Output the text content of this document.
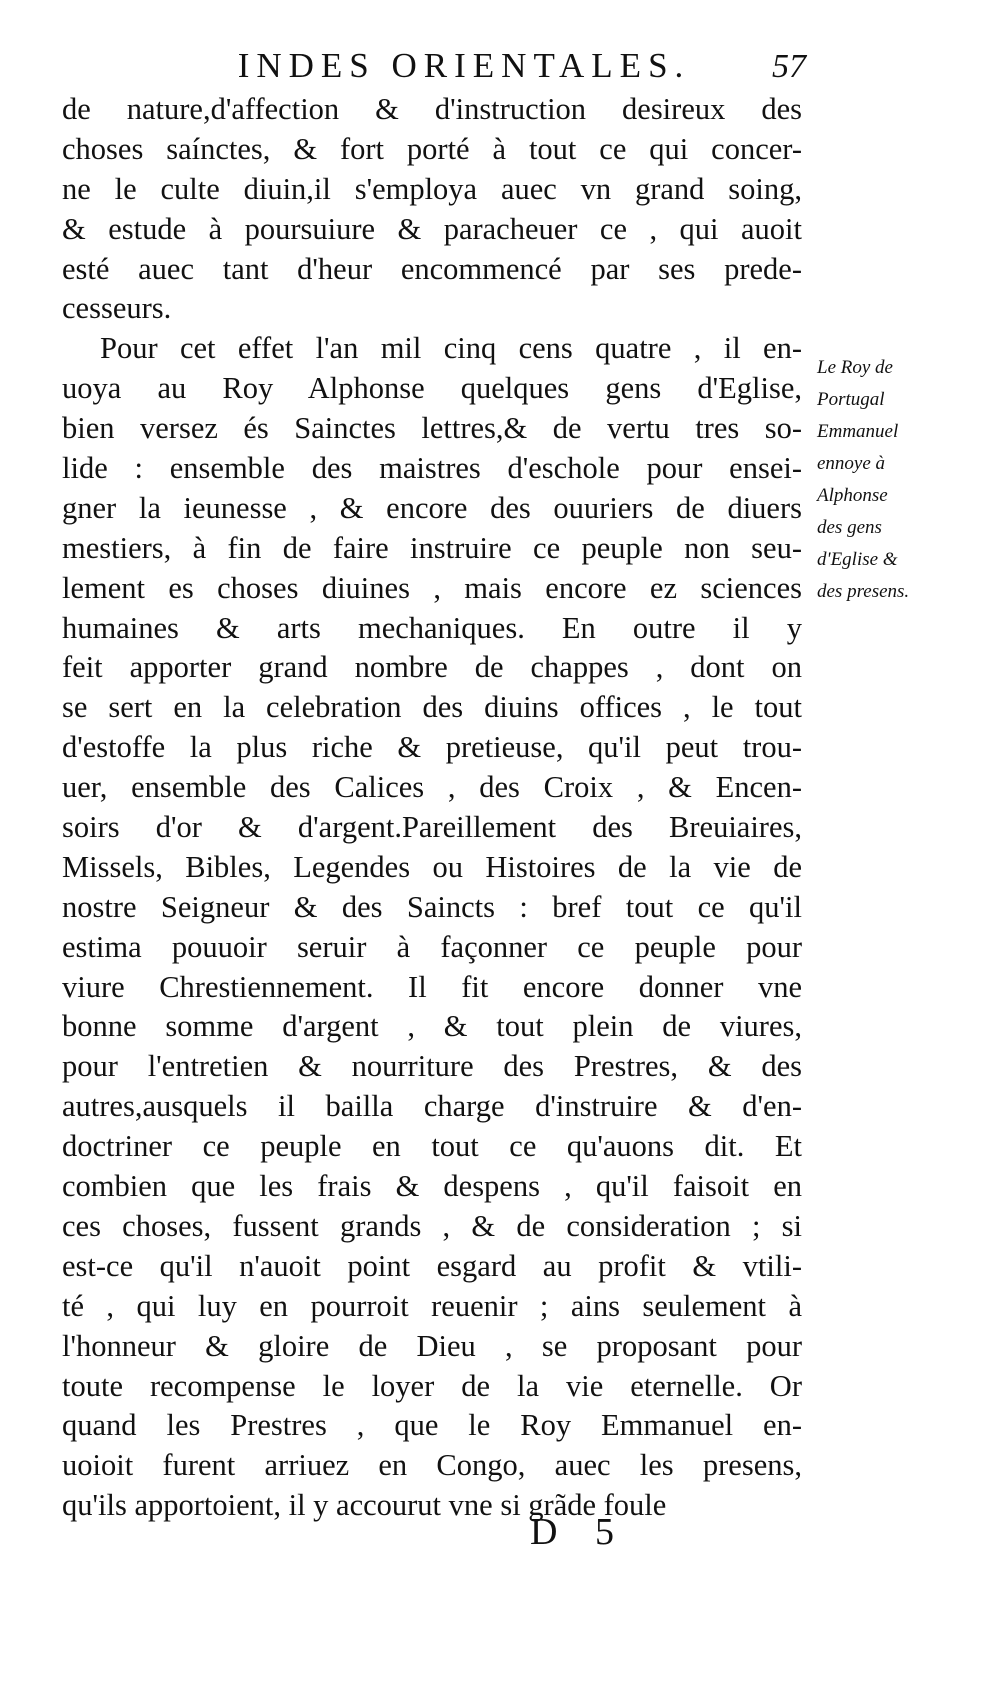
INDES ORIENTALES.	57
de nature,d'affection & d'instruction desireux des
choses saínctes, & fort porté à tout ce qui concer-
ne le culte diuin,il s'employa auec vn grand soing,
& estude à poursuiure & paracheuer ce , qui auoit
esté auec tant d'heur encommencé par ses prede-
cesseurs.
Pour cet effet l'an mil cinq cens quatre , il en-
uoya au Roy Alphonse quelques gens d'Eglise,
bien versez és Sainctes lettres,& de vertu tres so-
lide : ensemble des maistres d'eschole pour ensei-
gner la ieunesse , & encore des ouuriers de diuers
mestiers, à fin de faire instruire ce peuple non seu-
lement es choses diuines , mais encore ez sciences
humaines & arts mechaniques. En outre il y
feit apporter grand nombre de chappes , dont on
se sert en la celebration des diuins offices , le tout
d'estoffe la plus riche & pretieuse, qu'il peut trou-
uer, ensemble des Calices , des Croix , & Encen-
soirs d'or & d'argent.Pareillement des Breuiaires,
Missels, Bibles, Legendes ou Histoires de la vie de
nostre Seigneur & des Saincts : bref tout ce qu'il
estima pouuoir seruir à façonner ce peuple pour
viure Chrestiennement. Il fit encore donner vne
bonne somme d'argent , & tout plein de viures,
pour l'entretien & nourriture des Prestres, & des
autres,ausquels il bailla charge d'instruire & d'en-
doctriner ce peuple en tout ce qu'auons dit. Et
combien que les frais & despens , qu'il faisoit en
ces choses, fussent grands , & de consideration ; si
est-ce qu'il n'auoit point esgard au profit & vtili-
té , qui luy en pourroit reuenir ; ains seulement à
l'honneur & gloire de Dieu , se proposant pour
toute recompense le loyer de la vie eternelle. Or
quand les Prestres , que le Roy Emmanuel en-
uoioit furent arriuez en Congo, auec les presens,
qu'ils apportoient, il y accourut vne si grãde foule
Le Roy de
Portugal
Emmanuel
ennoye à
Alphonse
des gens
d'Eglise &
des presens.
D 5
